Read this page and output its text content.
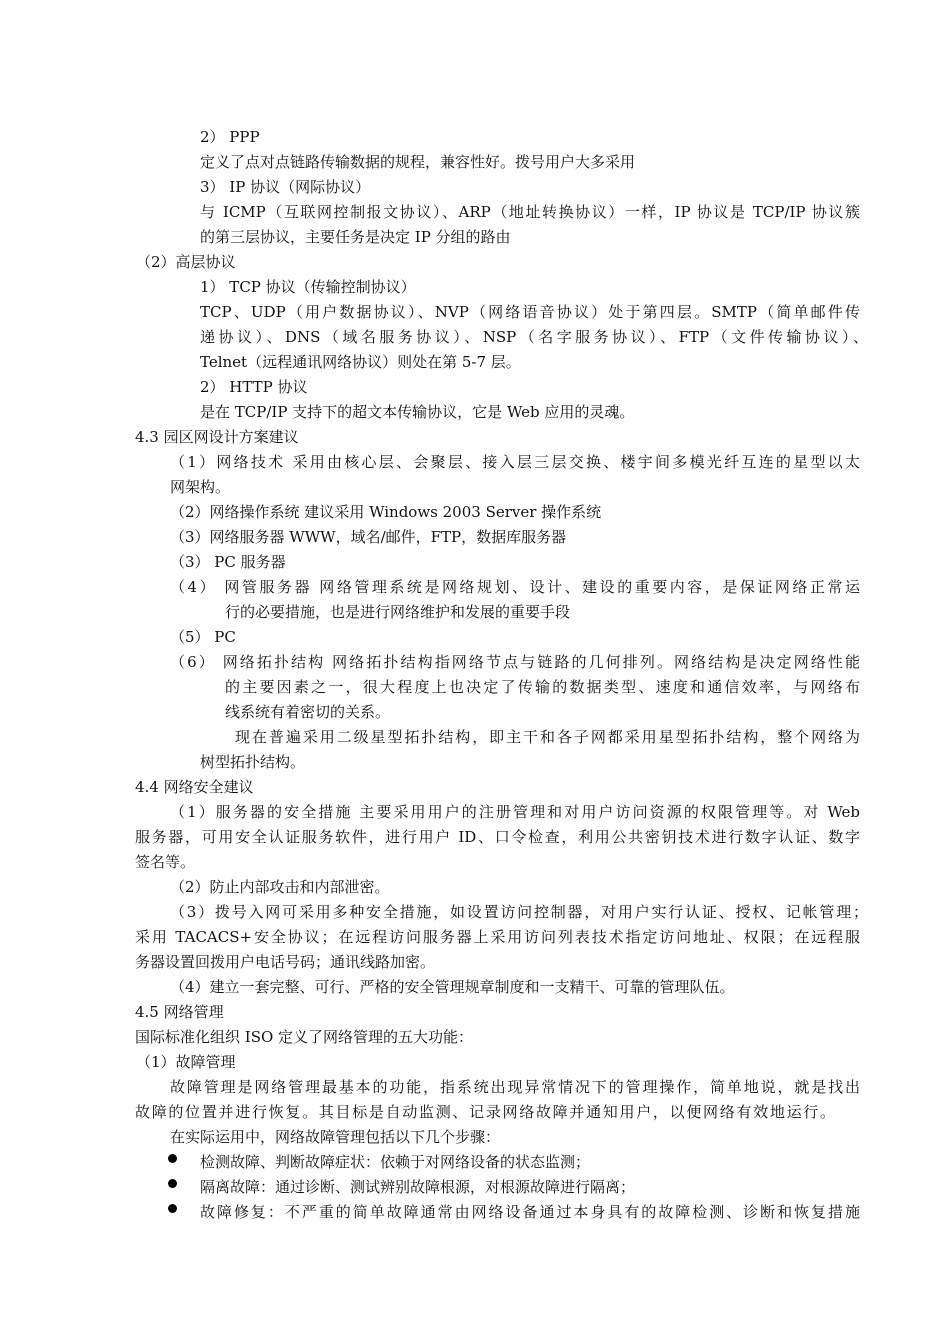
2） PPP
定义了点对点链路传输数据的规程，兼容性好。拨号用户大多采用
3） IP 协议（网际协议）
与 ICMP（互联网控制报文协议）、ARP（地址转换协议）一样，IP 协议是 TCP/IP 协议簇
的第三层协议，主要任务是决定 IP 分组的路由
（2）高层协议
1） TCP 协议（传输控制协议）
TCP、UDP（用户数据协议）、NVP（网络语音协议）处于第四层。SMTP（简单邮件传
递协议）、DNS（域名服务协议）、NSP（名字服务协议）、FTP（文件传输协议）、
Telnet（远程通讯网络协议）则处在第 5-7 层。
2） HTTP 协议
是在 TCP/IP 支持下的超文本传输协议，它是 Web 应用的灵魂。
4.3 园区网设计方案建议
（1）网络技术 采用由核心层、会聚层、接入层三层交换、楼宇间多模光纤互连的星型以太
网架构。
（2）网络操作系统 建议采用 Windows 2003 Server 操作系统
（3）网络服务器 WWW，域名/邮件，FTP，数据库服务器
（3） PC 服务器
（4） 网管服务器 网络管理系统是网络规划、设计、建设的重要内容，是保证网络正常运
行的必要措施，也是进行网络维护和发展的重要手段
（5） PC
（6） 网络拓扑结构 网络拓扑结构指网络节点与链路的几何排列。网络结构是决定网络性能
的主要因素之一，很大程度上也决定了传输的数据类型、速度和通信效率，与网络布
线系统有着密切的关系。
现在普遍采用二级星型拓扑结构，即主干和各子网都采用星型拓扑结构，整个网络为
树型拓扑结构。
4.4 网络安全建议
（1）服务器的安全措施 主要采用用户的注册管理和对用户访问资源的权限管理等。对 Web
服务器，可用安全认证服务软件，进行用户 ID、口令检查，利用公共密钥技术进行数字认证、数字
签名等。
（2）防止内部攻击和内部泄密。
（3）拨号入网可采用多种安全措施，如设置访问控制器，对用户实行认证、授权、记帐管理；
采用 TACACS+安全协议；在远程访问服务器上采用访问列表技术指定访问地址、权限；在远程服
务器设置回拨用户电话号码；通讯线路加密。
（4）建立一套完整、可行、严格的安全管理规章制度和一支精干、可靠的管理队伍。
4.5 网络管理
国际标准化组织 ISO 定义了网络管理的五大功能：
（1）故障管理
故障管理是网络管理最基本的功能，指系统出现异常情况下的管理操作，简单地说，就是找出
故障的位置并进行恢复。其目标是自动监测、记录网络故障并通知用户，以便网络有效地运行。
在实际运用中，网络故障管理包括以下几个步骤：
检测故障、判断故障症状：依赖于对网络设备的状态监测；
隔离故障：通过诊断、测试辨别故障根源，对根源故障进行隔离；
故障修复：不严重的简单故障通常由网络设备通过本身具有的故障检测、诊断和恢复措施
